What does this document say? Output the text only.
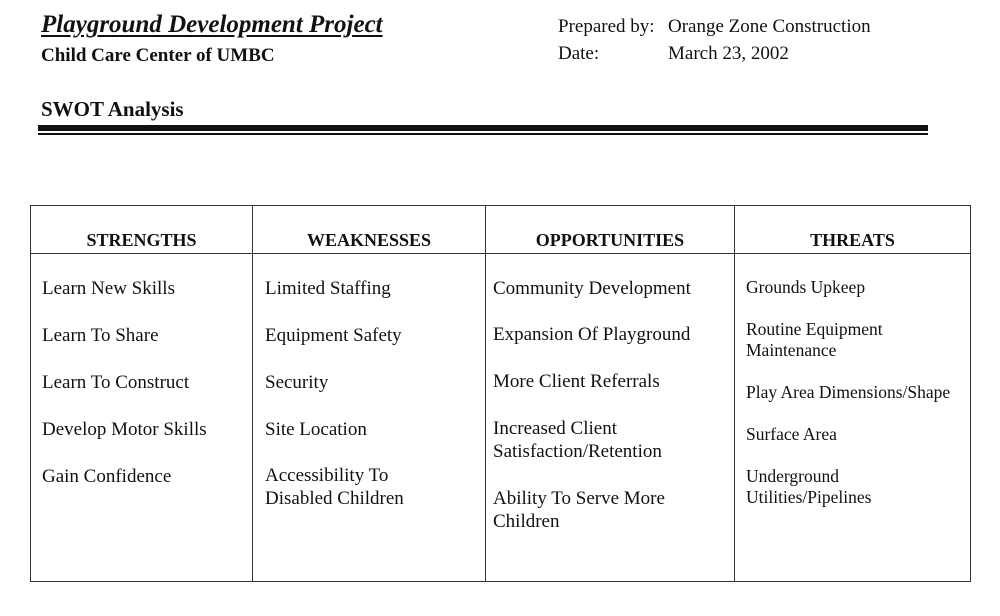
Playground Development Project
Child Care Center of UMBC
Prepared by: Orange Zone Construction
Date:	March 23, 2002
SWOT Analysis
STRENGTHS
Learn New Skills
Learn To Share
Learn To Construct
Develop Motor Skills
Gain Confidence
WEAKNESSES
Limited Staffing
Equipment Safety
Security
Site Location
Accessibility To Disabled Children
OPPORTUNITIES
Community Development
Expansion Of Playground
More Client Referrals
Increased Client Satisfaction/Retention
Ability To Serve More Children
THREATS
Grounds Upkeep
Routine Equipment Maintenance
Play Area Dimensions/Shape
Surface Area
Underground Utilities/Pipelines
